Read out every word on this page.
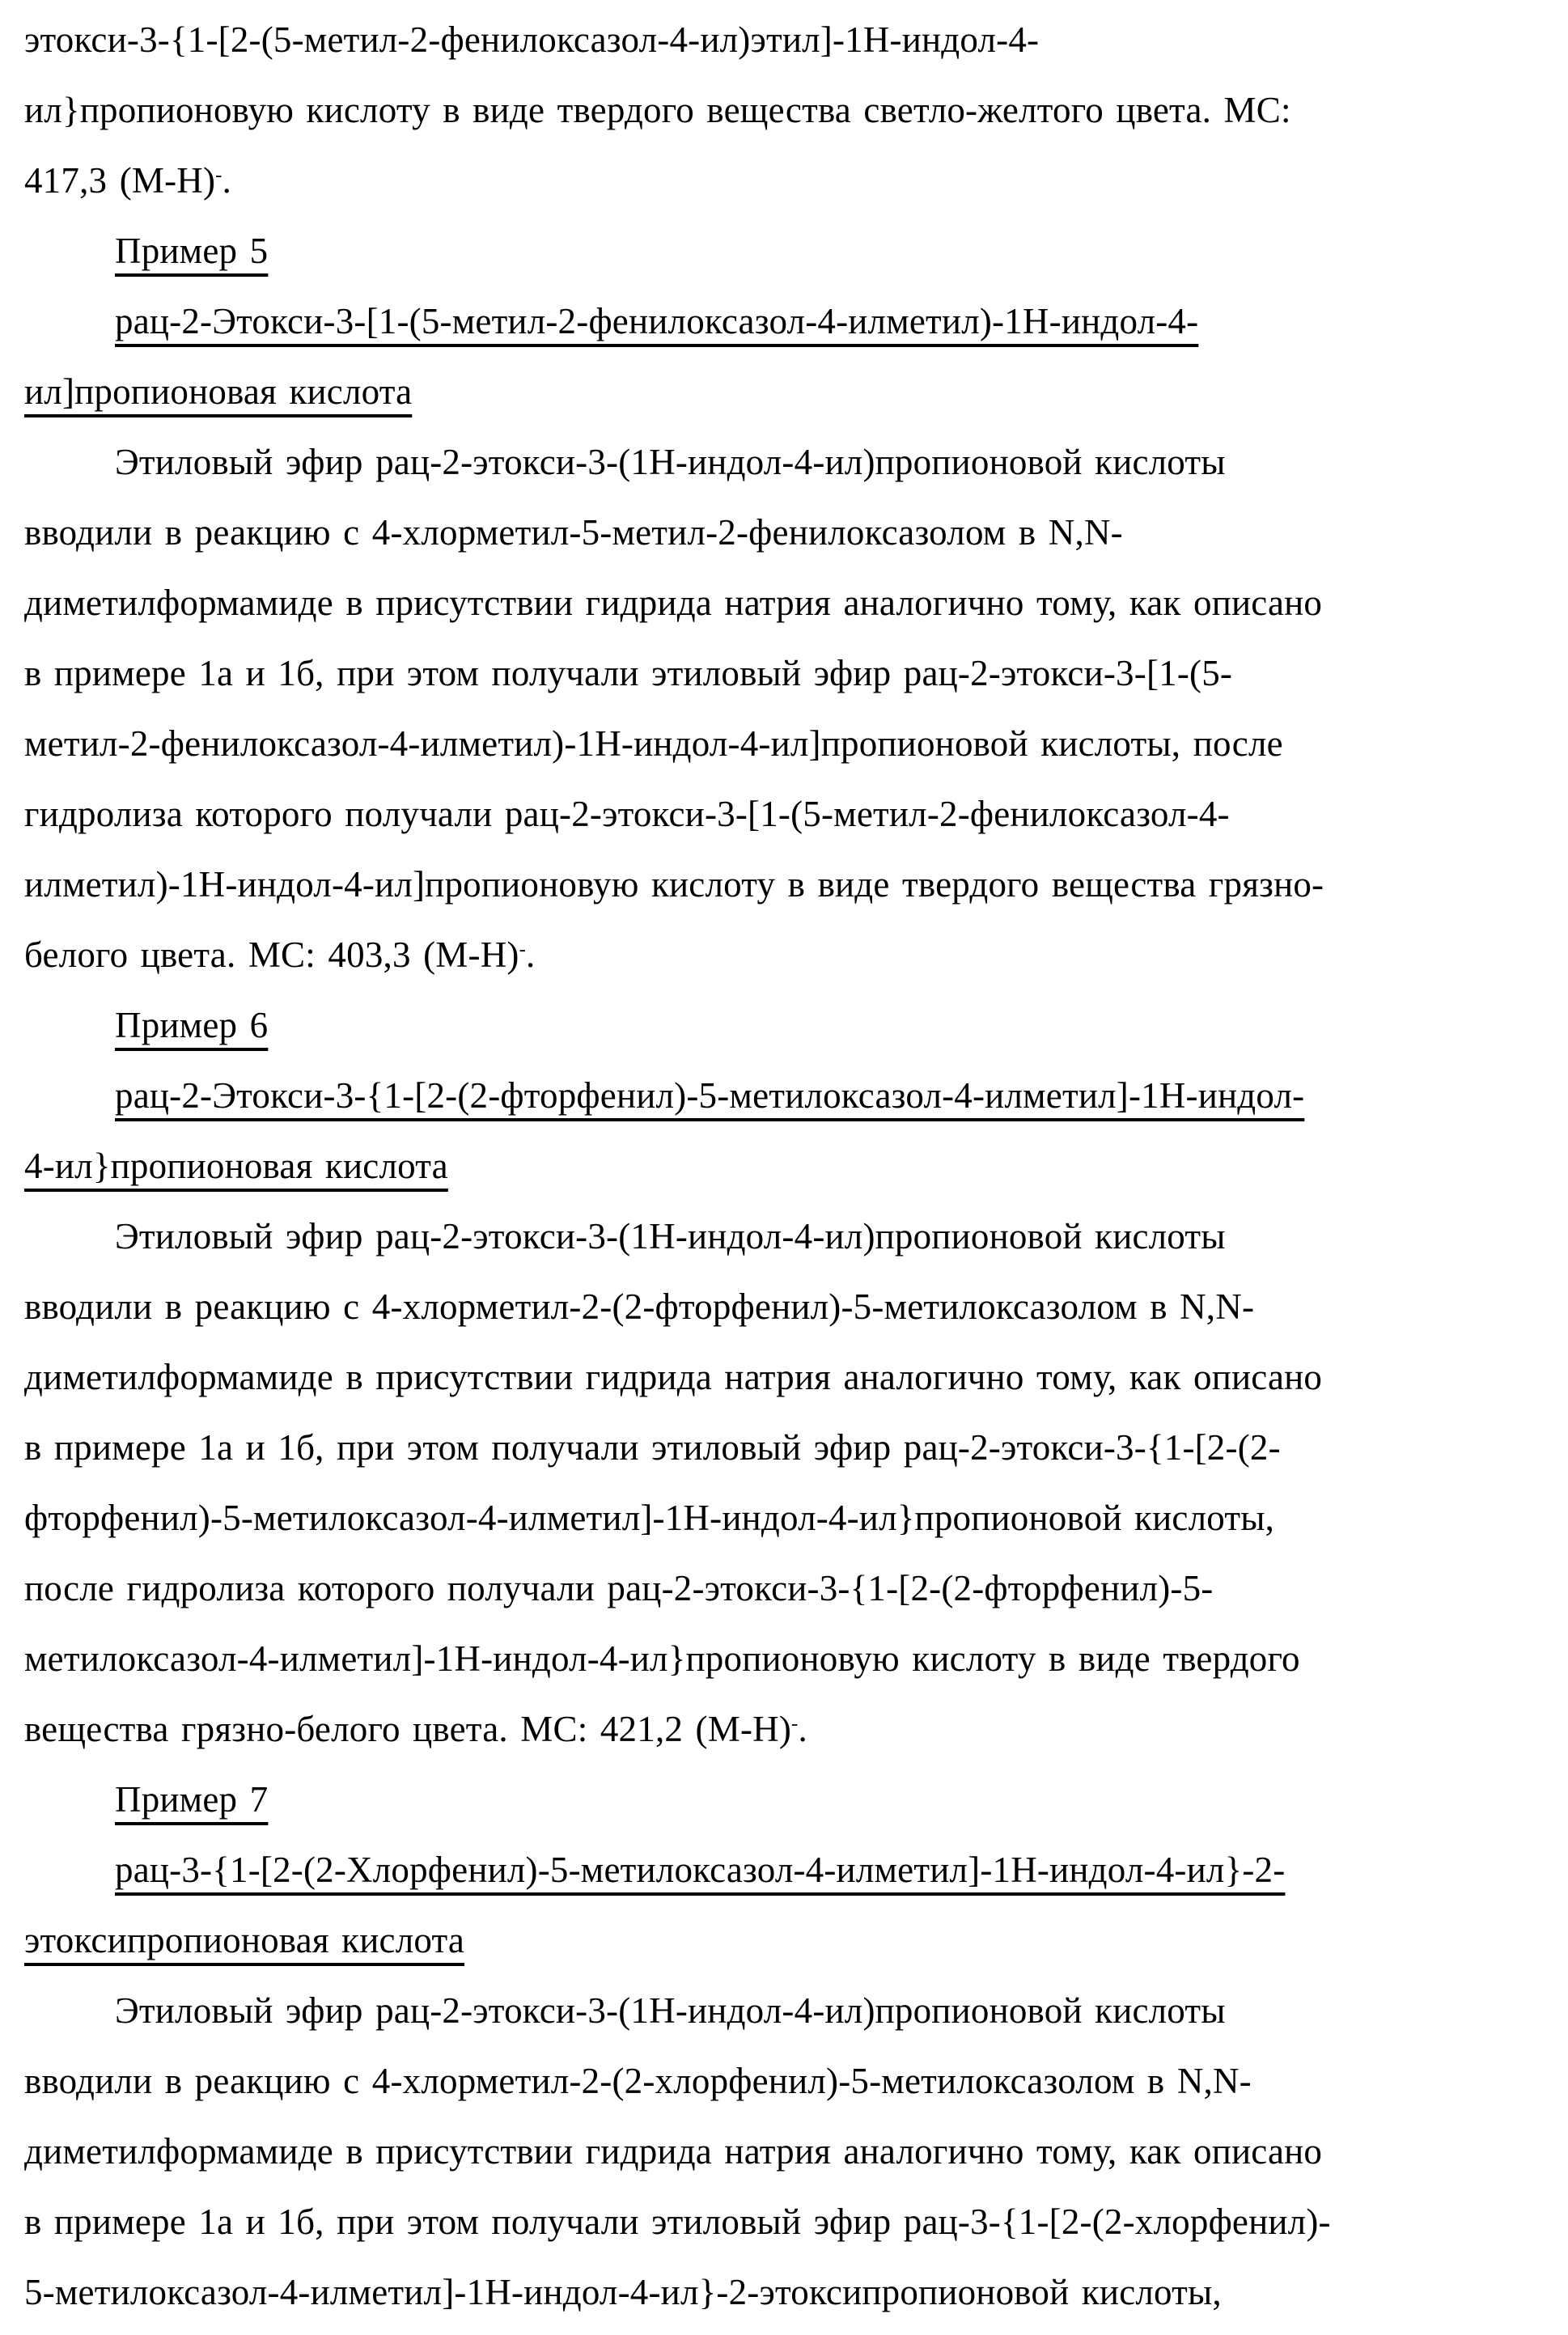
этокси-3-{1-[2-(5-метил-2-фенилоксазол-4-ил)этил]-1Н-индол-4-
ил}пропионовую кислоту в виде твердого вещества светло-желтого цвета. МС:
417,3 (М-Н)-.
Пример 5
рац-2-Этокси-3-[1-(5-метил-2-фенилоксазол-4-илметил)-1Н-индол-4-
ил]пропионовая кислота
Этиловый эфир рац-2-этокси-3-(1Н-индол-4-ил)пропионовой кислоты
вводили в реакцию с 4-хлорметил-5-метил-2-фенилоксазолом в N,N-
диметилформамиде в присутствии гидрида натрия аналогично тому, как описано
в примере 1а и 1б, при этом получали этиловый эфир рац-2-этокси-3-[1-(5-
метил-2-фенилоксазол-4-илметил)-1Н-индол-4-ил]пропионовой кислоты, после
гидролиза которого получали рац-2-этокси-3-[1-(5-метил-2-фенилоксазол-4-
илметил)-1Н-индол-4-ил]пропионовую кислоту в виде твердого вещества грязно-
белого цвета. МС: 403,3 (М-Н)-.
Пример 6
рац-2-Этокси-3-{1-[2-(2-фторфенил)-5-метилоксазол-4-илметил]-1Н-индол-
4-ил}пропионовая кислота
Этиловый эфир рац-2-этокси-3-(1Н-индол-4-ил)пропионовой кислоты
вводили в реакцию с 4-хлорметил-2-(2-фторфенил)-5-метилоксазолом в N,N-
диметилформамиде в присутствии гидрида натрия аналогично тому, как описано
в примере 1а и 1б, при этом получали этиловый эфир рац-2-этокси-3-{1-[2-(2-
фторфенил)-5-метилоксазол-4-илметил]-1Н-индол-4-ил}пропионовой кислоты,
после гидролиза которого получали рац-2-этокси-3-{1-[2-(2-фторфенил)-5-
метилоксазол-4-илметил]-1Н-индол-4-ил}пропионовую кислоту в виде твердого
вещества грязно-белого цвета. МС: 421,2 (М-Н)-.
Пример 7
рац-3-{1-[2-(2-Хлорфенил)-5-метилоксазол-4-илметил]-1Н-индол-4-ил}-2-
этоксипропионовая кислота
Этиловый эфир рац-2-этокси-3-(1Н-индол-4-ил)пропионовой кислоты
вводили в реакцию с 4-хлорметил-2-(2-хлорфенил)-5-метилоксазолом в N,N-
диметилформамиде в присутствии гидрида натрия аналогично тому, как описано
в примере 1а и 1б, при этом получали этиловый эфир рац-3-{1-[2-(2-хлорфенил)-
5-метилоксазол-4-илметил]-1Н-индол-4-ил}-2-этоксипропионовой кислоты,
